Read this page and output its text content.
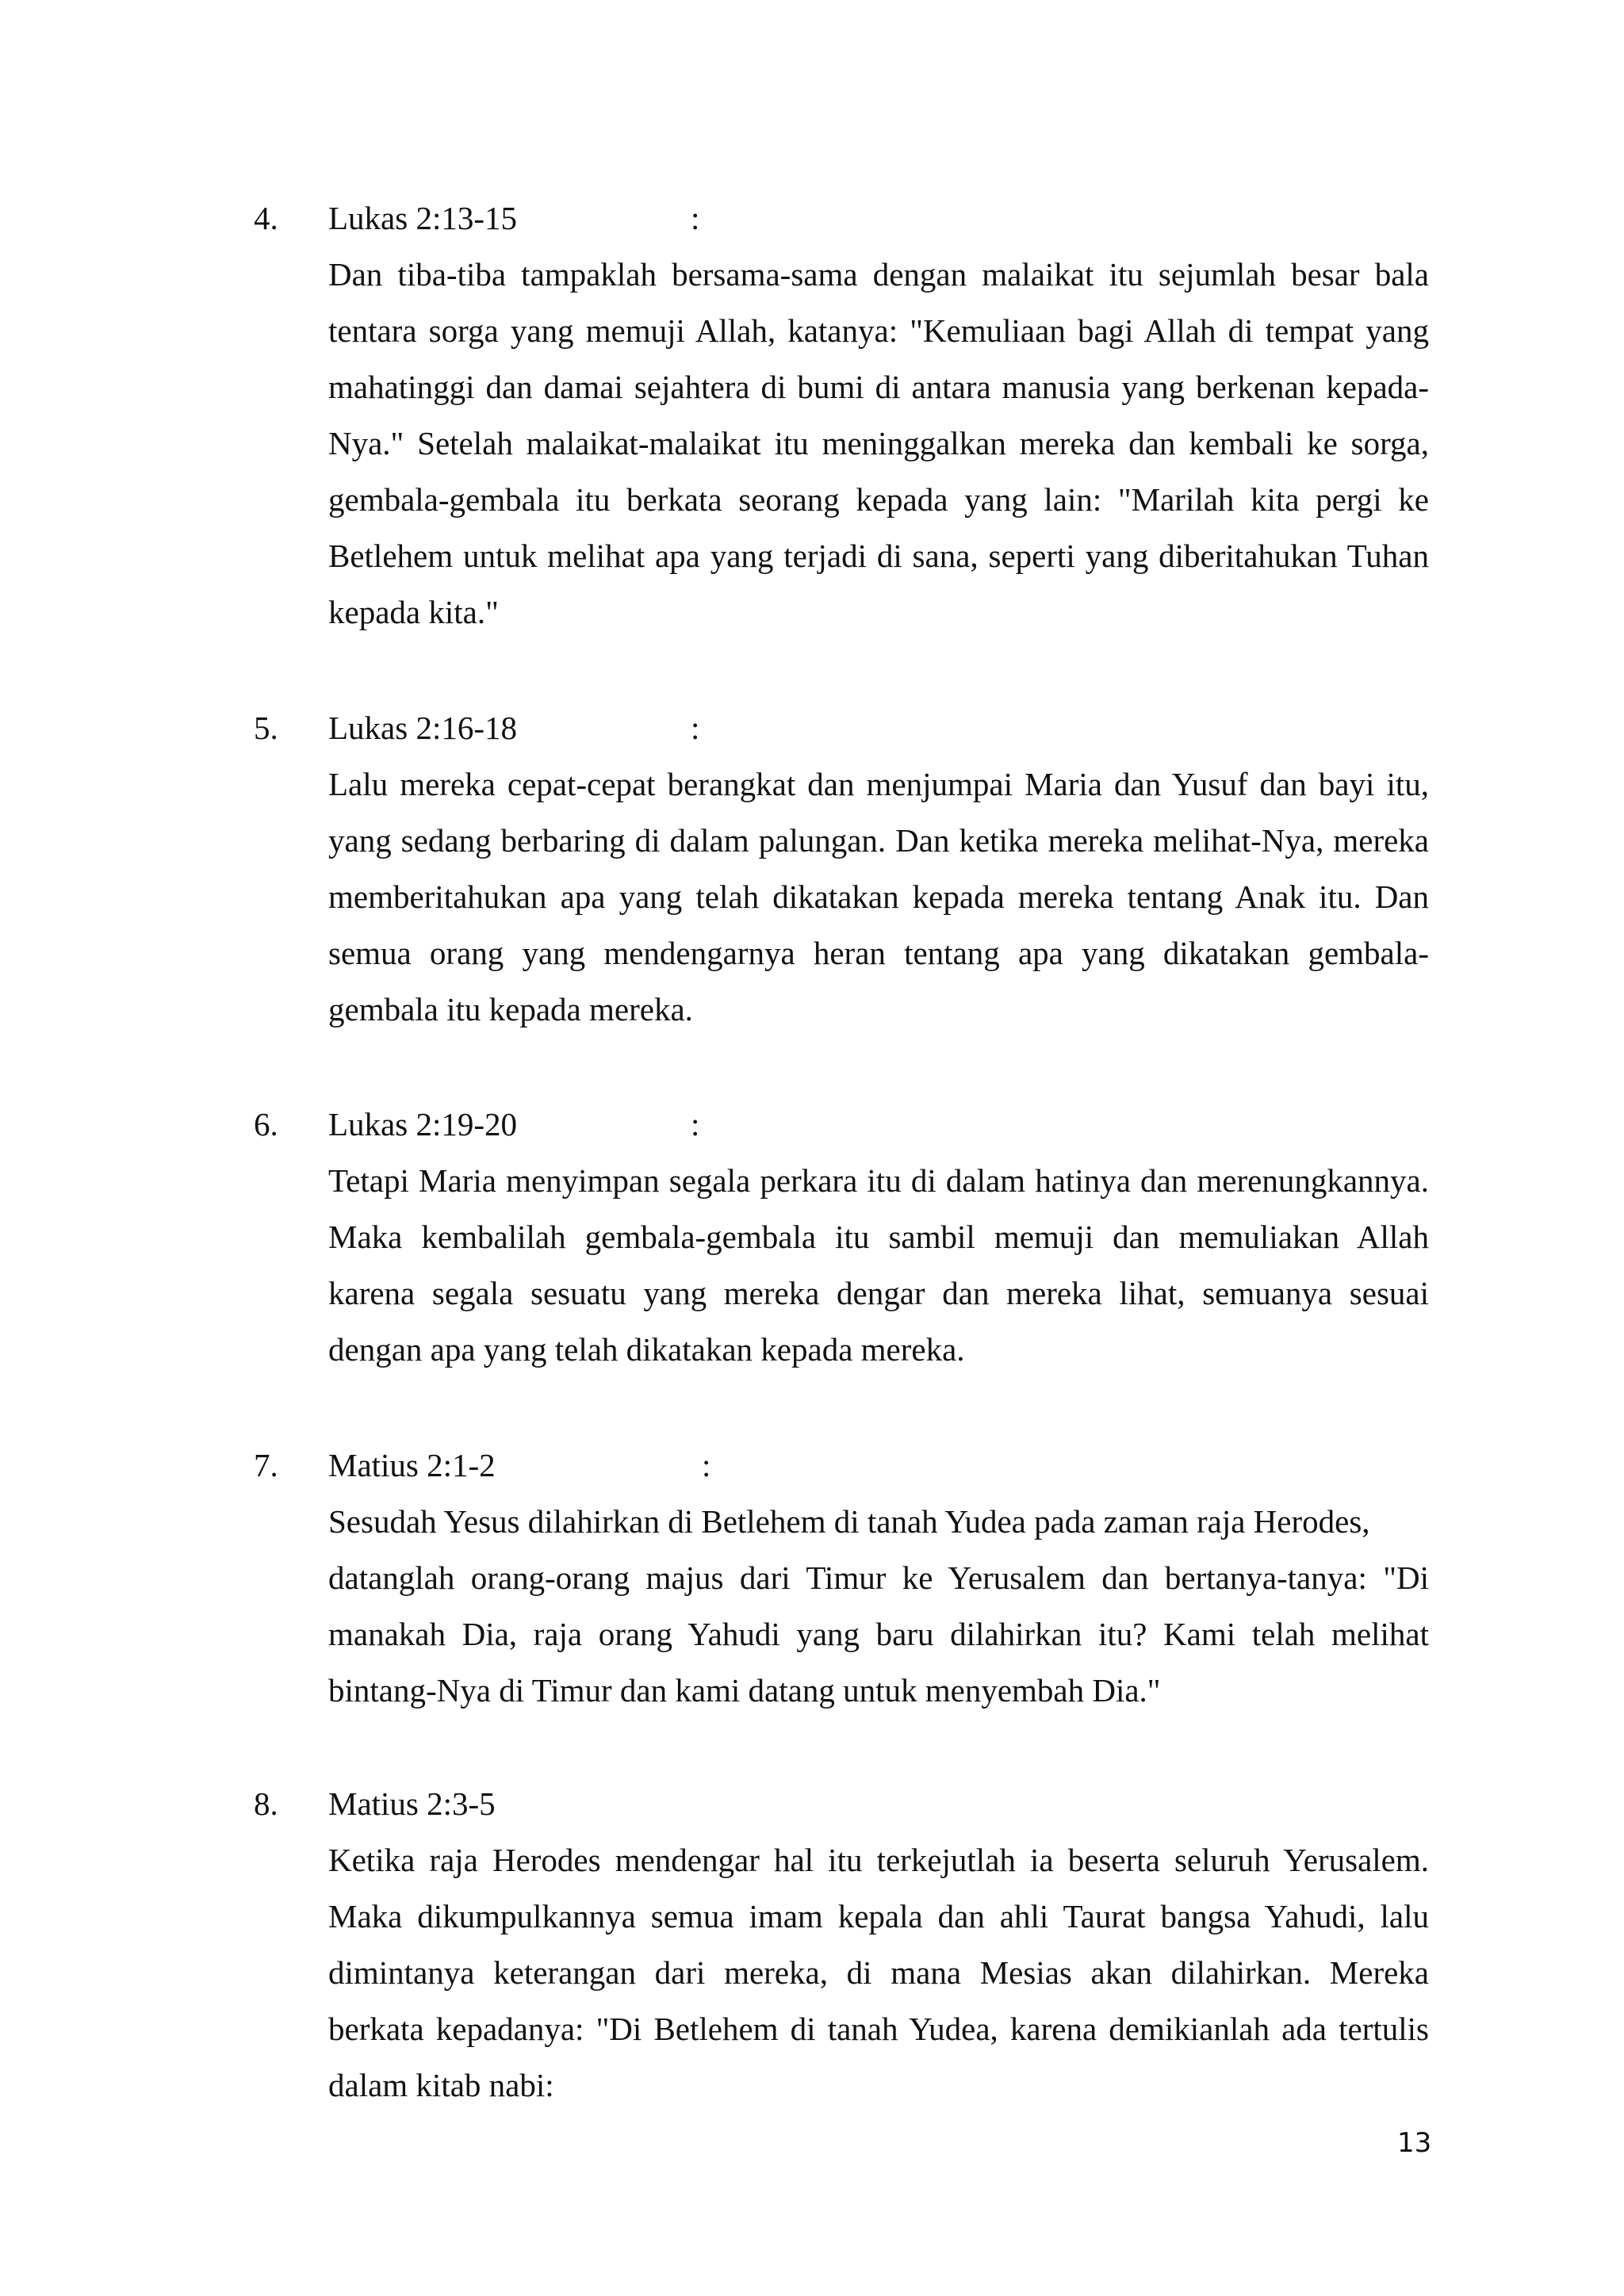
4. Lukas 2:13-15	:
Dan tiba-tiba tampaklah bersama-sama dengan malaikat itu sejumlah besar bala
tentara sorga yang memuji Allah, katanya: "Kemuliaan bagi Allah di tempat yang
mahatinggi dan damai sejahtera di bumi di antara manusia yang berkenan kepada-
Nya." Setelah malaikat-malaikat itu meninggalkan mereka dan kembali ke sorga,
gembala-gembala itu berkata seorang kepada yang lain: "Marilah kita pergi ke
Betlehem untuk melihat apa yang terjadi di sana, seperti yang diberitahukan Tuhan
kepada kita."
5. Lukas 2:16-18	:
Lalu mereka cepat-cepat berangkat dan menjumpai Maria dan Yusuf dan bayi itu,
yang sedang berbaring di dalam palungan. Dan ketika mereka melihat-Nya, mereka
memberitahukan apa yang telah dikatakan kepada mereka tentang Anak itu. Dan
semua orang yang mendengarnya heran tentang apa yang dikatakan gembala-
gembala itu kepada mereka.
6. Lukas 2:19-20	:
Tetapi Maria menyimpan segala perkara itu di dalam hatinya dan merenungkannya.
Maka kembalilah gembala-gembala itu sambil memuji dan memuliakan Allah
karena segala sesuatu yang mereka dengar dan mereka lihat, semuanya sesuai
dengan apa yang telah dikatakan kepada mereka.
7. Matius 2:1-2	:
Sesudah Yesus dilahirkan di Betlehem di tanah Yudea pada zaman raja Herodes,
datanglah orang-orang majus dari Timur ke Yerusalem dan bertanya-tanya: "Di
manakah Dia, raja orang Yahudi yang baru dilahirkan itu? Kami telah melihat
bintang-Nya di Timur dan kami datang untuk menyembah Dia."
8. Matius 2:3-5
Ketika raja Herodes mendengar hal itu terkejutlah ia beserta seluruh Yerusalem.
Maka dikumpulkannya semua imam kepala dan ahli Taurat bangsa Yahudi, lalu
dimintanya keterangan dari mereka, di mana Mesias akan dilahirkan. Mereka
berkata kepadanya: "Di Betlehem di tanah Yudea, karena demikianlah ada tertulis
dalam kitab nabi:
13
